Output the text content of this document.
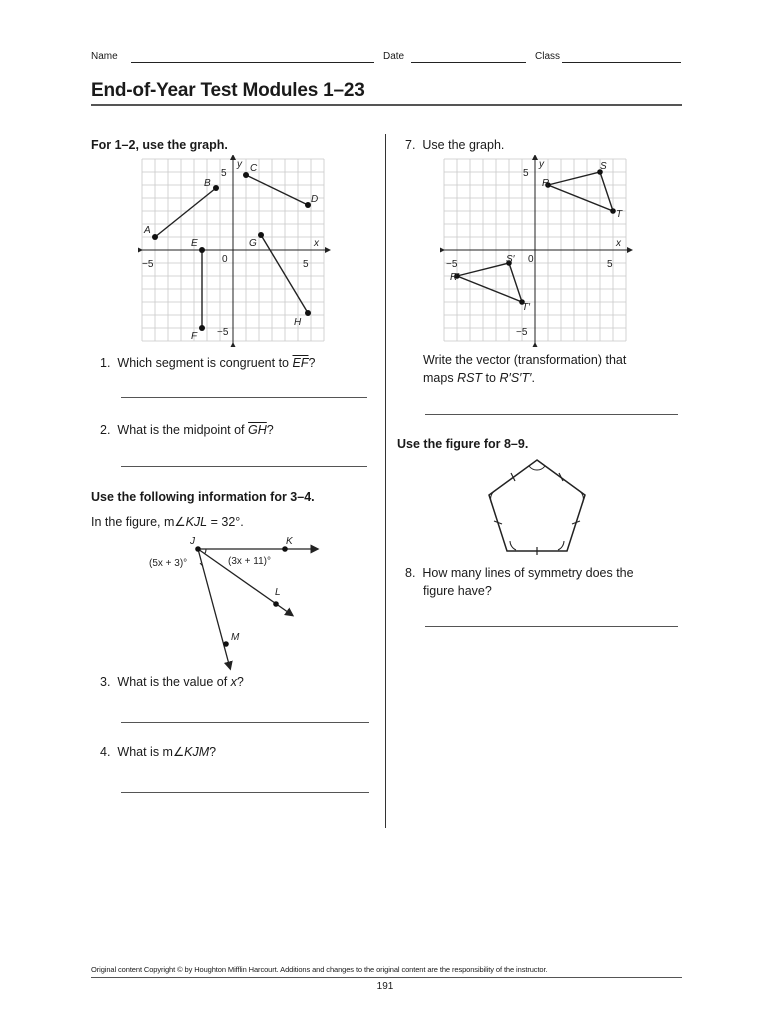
Name	Date	Class
End-of-Year Test Modules 1–23
For 1–2, use the graph.
y
x
5
−5
5
−5	0
A
B
C
D
E
F
G
H
1. Which segment is congruent to $\overline{EF}$?
2. What is the midpoint of $\overline{GH}$?
Use the following information for 3–4.
In the figure, m∠KJL = 32°.
J	K
L
M
(5x + 3)°	(3x + 11)°
3. What is the value of x?
4. What is m∠KJM?
7. Use the graph.
y
x
5
−5
5
−5	0
R
S
T
R′
S′
T′
Write the vector (transformation) that
maps RST to R′S′T′.
Use the figure for 8–9.
8. How many lines of symmetry does the
figure have?
Original content Copyright © by Houghton Mifflin Harcourt. Additions and changes to the original content are the responsibility of the instructor.
191
